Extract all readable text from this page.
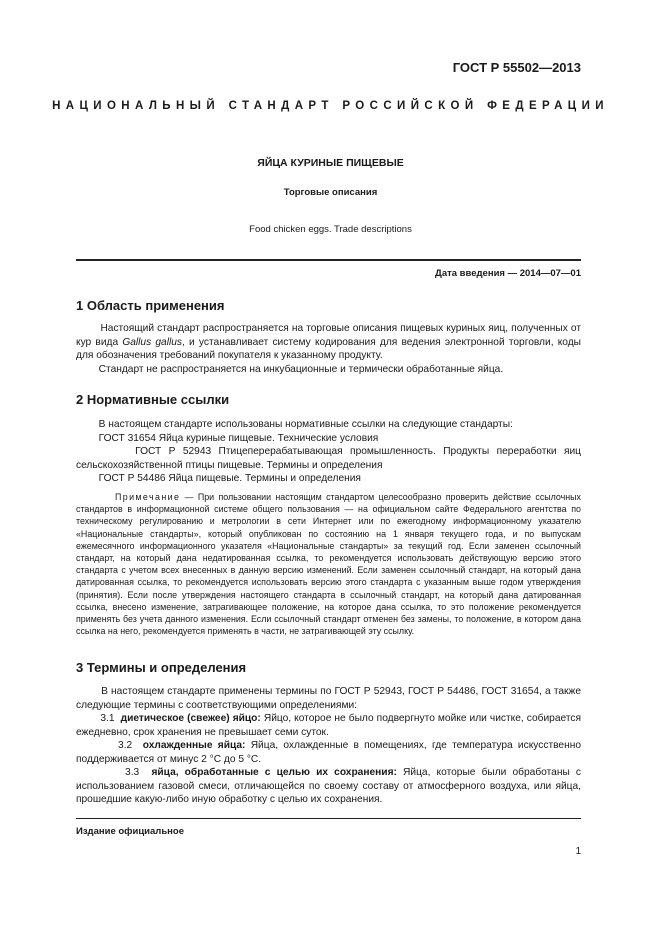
ГОСТ Р 55502—2013
НАЦИОНАЛЬНЫЙ СТАНДАРТ РОССИЙСКОЙ ФЕДЕРАЦИИ
ЯЙЦА КУРИНЫЕ ПИЩЕВЫЕ
Торговые описания
Food chicken eggs. Trade descriptions
Дата введения — 2014—07—01
1 Область применения
Настоящий стандарт распространяется на торговые описания пищевых куриных яиц, полученных от кур вида Gallus gallus, и устанавливает систему кодирования для ведения электронной торговли, коды для обозначения требований покупателя к указанному продукту.
Стандарт не распространяется на инкубационные и термически обработанные яйца.
2 Нормативные ссылки
В настоящем стандарте использованы нормативные ссылки на следующие стандарты:
ГОСТ 31654 Яйца куриные пищевые. Технические условия
ГОСТ Р 52943 Птицеперерабатывающая промышленность. Продукты переработки яиц сельскохозяйственной птицы пищевые. Термины и определения
ГОСТ Р 54486 Яйца пищевые. Термины и определения
Примечание — При пользовании настоящим стандартом целесообразно проверить действие ссылочных стандартов в информационной системе общего пользования — на официальном сайте Федерального агентства по техническому регулированию и метрологии в сети Интернет или по ежегодному информационному указателю «Национальные стандарты», который опубликован по состоянию на 1 января текущего года, и по выпускам ежемесячного информационного указателя «Национальные стандарты» за текущий год. Если заменен ссылочный стандарт, на который дана недатированная ссылка, то рекомендуется использовать действующую версию этого стандарта с учетом всех внесенных в данную версию изменений. Если заменен ссылочный стандарт, на который дана датированная ссылка, то рекомендуется использовать версию этого стандарта с указанным выше годом утверждения (принятия). Если после утверждения настоящего стандарта в ссылочный стандарт, на который дана датированная ссылка, внесено изменение, затрагивающее положение, на которое дана ссылка, то это положение рекомендуется применять без учета данного изменения. Если ссылочный стандарт отменен без замены, то положение, в котором дана ссылка на него, рекомендуется применять в части, не затрагивающей эту ссылку.
3 Термины и определения
В настоящем стандарте применены термины по ГОСТ Р 52943, ГОСТ Р 54486, ГОСТ 31654, а также следующие термины с соответствующими определениями:
3.1 диетическое (свежее) яйцо: Яйцо, которое не было подвергнуто мойке или чистке, собирается ежедневно, срок хранения не превышает семи суток.
3.2 охлажденные яйца: Яйца, охлажденные в помещениях, где температура искусственно поддерживается от минус 2 °С до 5 °С.
3.3 яйца, обработанные с целью их сохранения: Яйца, которые были обработаны с использованием газовой смеси, отличающейся по своему составу от атмосферного воздуха, или яйца, прошедшие какую-либо иную обработку с целью их сохранения.
Издание официальное
1
